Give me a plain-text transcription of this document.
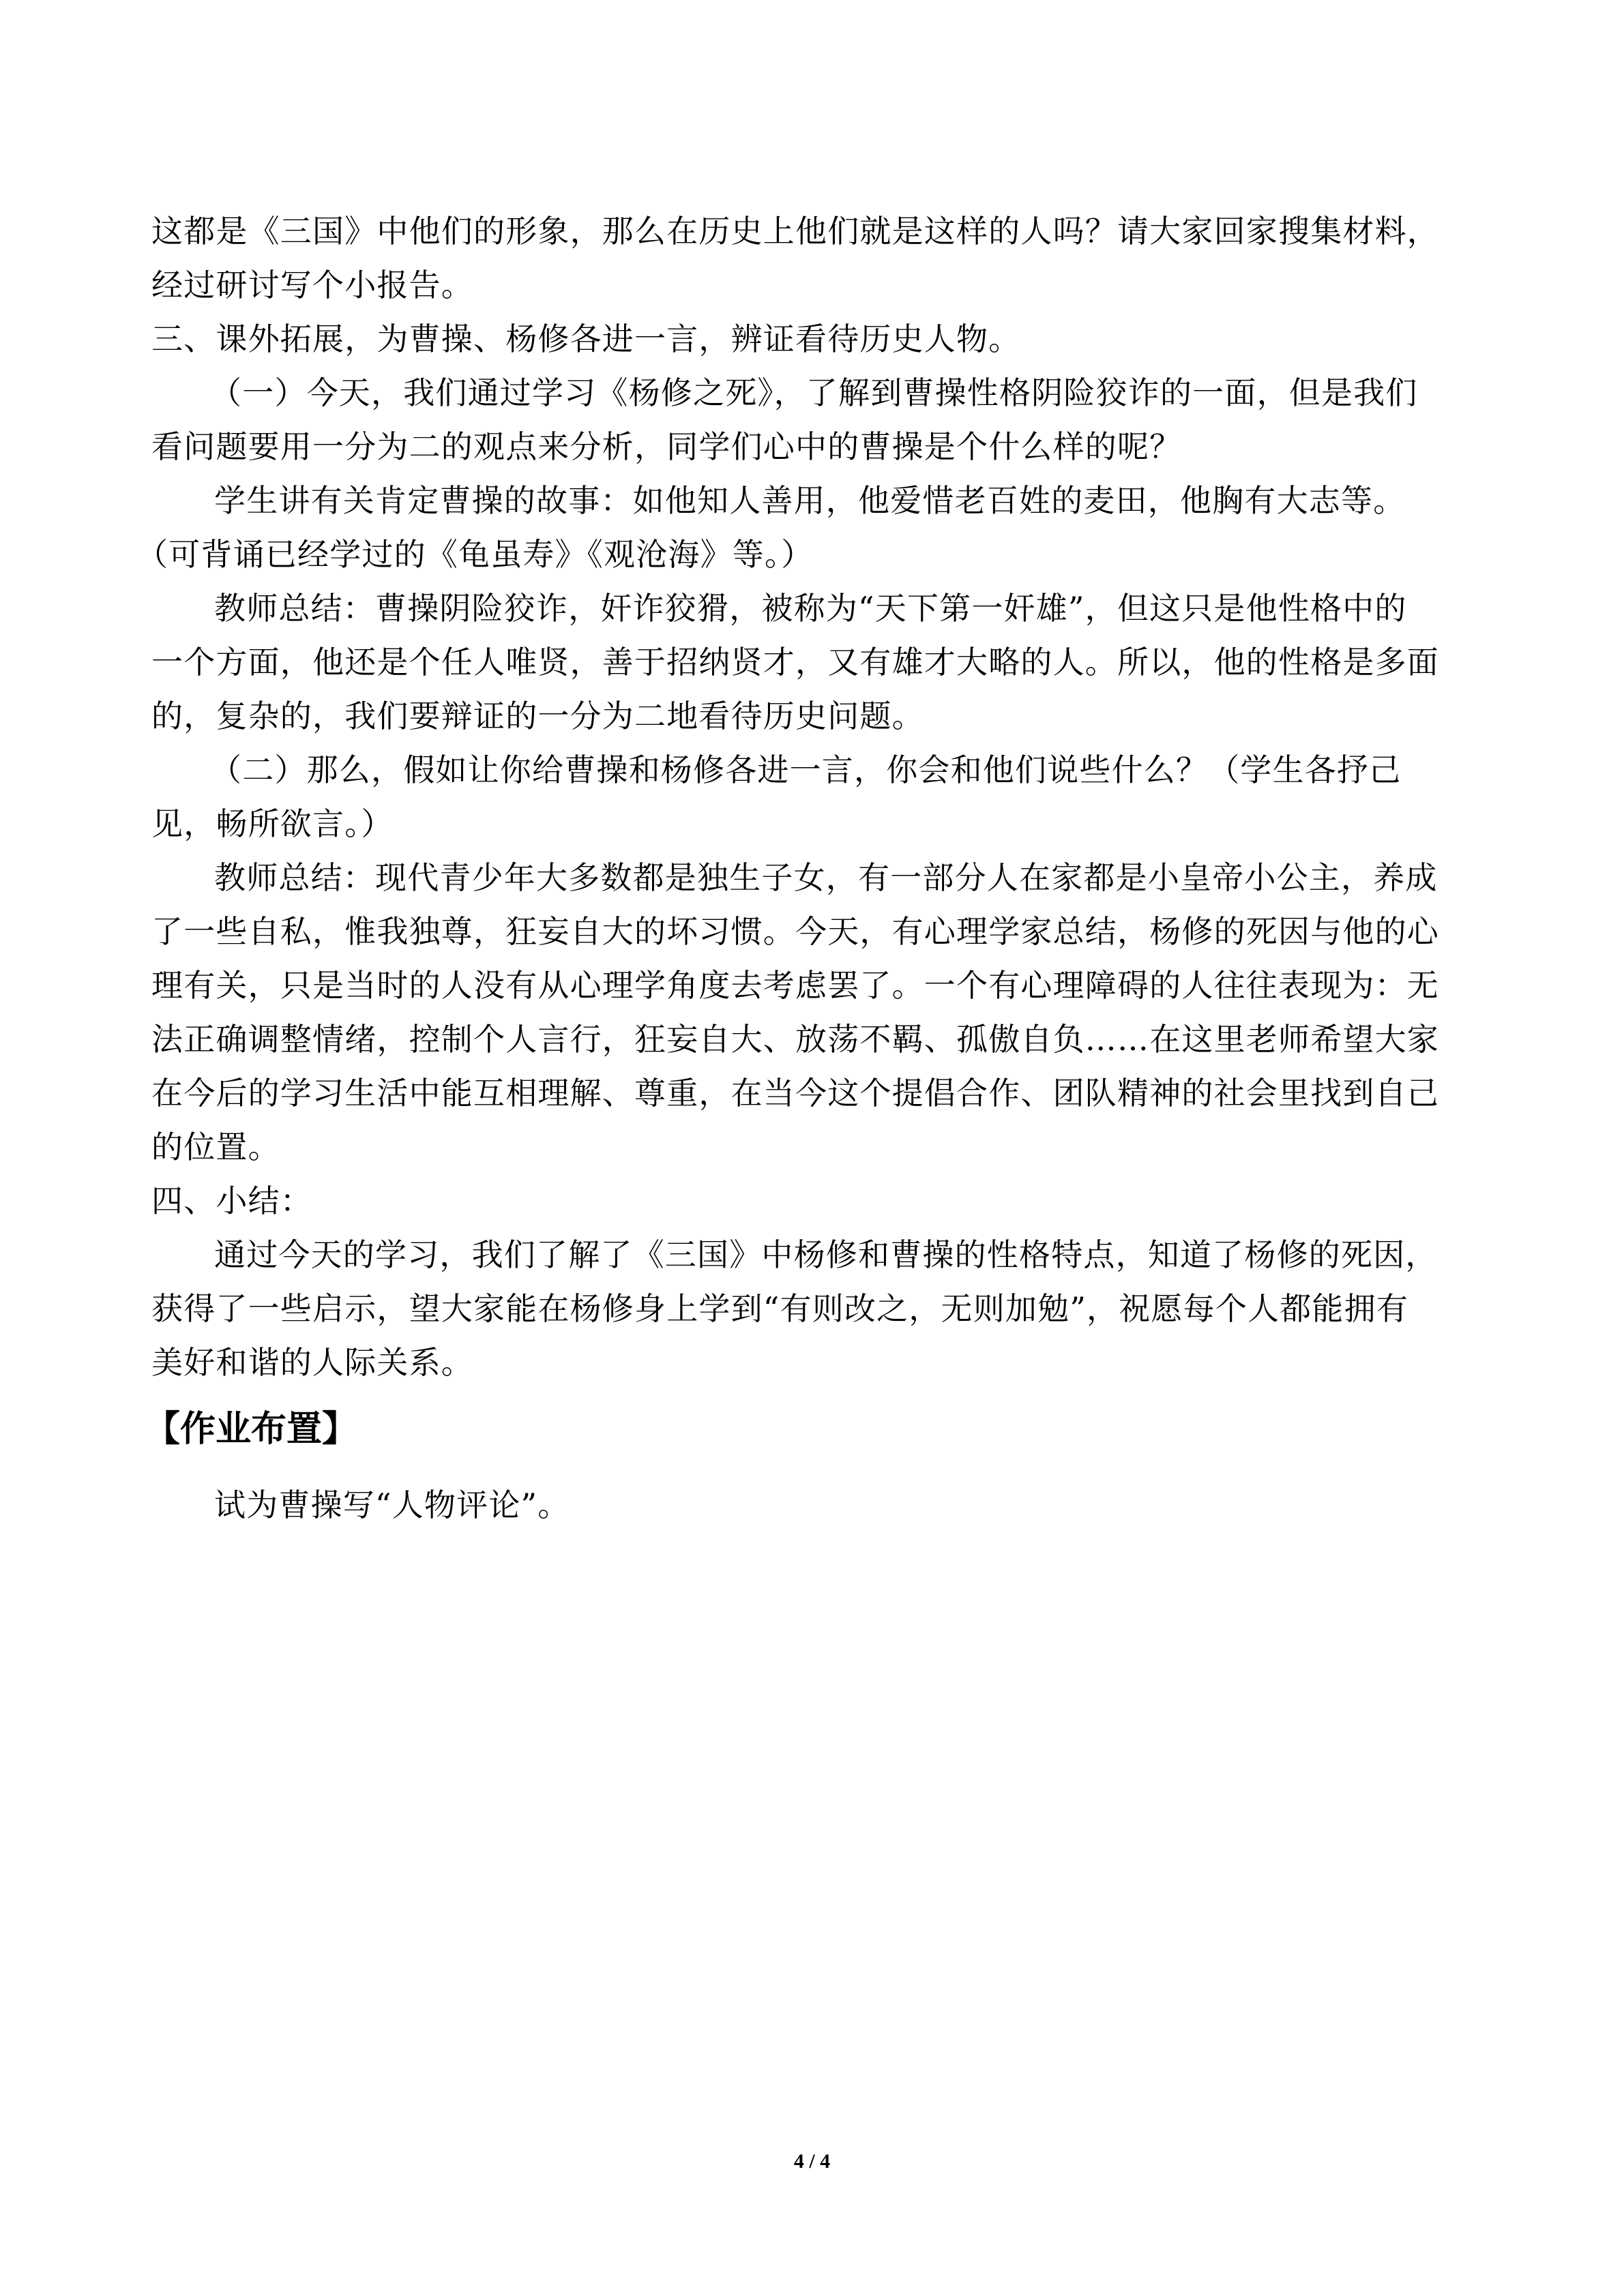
这都是《三国》中他们的形象，那么在历史上他们就是这样的人吗？请大家回家搜集材料，
经过研讨写个小报告。
三、课外拓展，为曹操、杨修各进一言，辨证看待历史人物。
（一）今天，我们通过学习《杨修之死》，了解到曹操性格阴险狡诈的一面，但是我们
看问题要用一分为二的观点来分析，同学们心中的曹操是个什么样的呢？
学生讲有关肯定曹操的故事：如他知人善用，他爱惜老百姓的麦田，他胸有大志等。
（可背诵已经学过的《龟虽寿》《观沧海》等。）
教师总结：曹操阴险狡诈，奸诈狡猾，被称为“天下第一奸雄”，但这只是他性格中的
一个方面，他还是个任人唯贤，善于招纳贤才，又有雄才大略的人。所以，他的性格是多面
的，复杂的，我们要辩证的一分为二地看待历史问题。
（二）那么，假如让你给曹操和杨修各进一言，你会和他们说些什么？（学生各抒己
见，畅所欲言。）
教师总结：现代青少年大多数都是独生子女，有一部分人在家都是小皇帝小公主，养成
了一些自私，惟我独尊，狂妄自大的坏习惯。今天，有心理学家总结，杨修的死因与他的心
理有关，只是当时的人没有从心理学角度去考虑罢了。一个有心理障碍的人往往表现为：无
法正确调整情绪，控制个人言行，狂妄自大、放荡不羁、孤傲自负……在这里老师希望大家
在今后的学习生活中能互相理解、尊重，在当今这个提倡合作、团队精神的社会里找到自己
的位置。
四、小结：
通过今天的学习，我们了解了《三国》中杨修和曹操的性格特点，知道了杨修的死因，
获得了一些启示，望大家能在杨修身上学到“有则改之，无则加勉”，祝愿每个人都能拥有
美好和谐的人际关系。
【作业布置】
试为曹操写“人物评论”。
4 / 4
